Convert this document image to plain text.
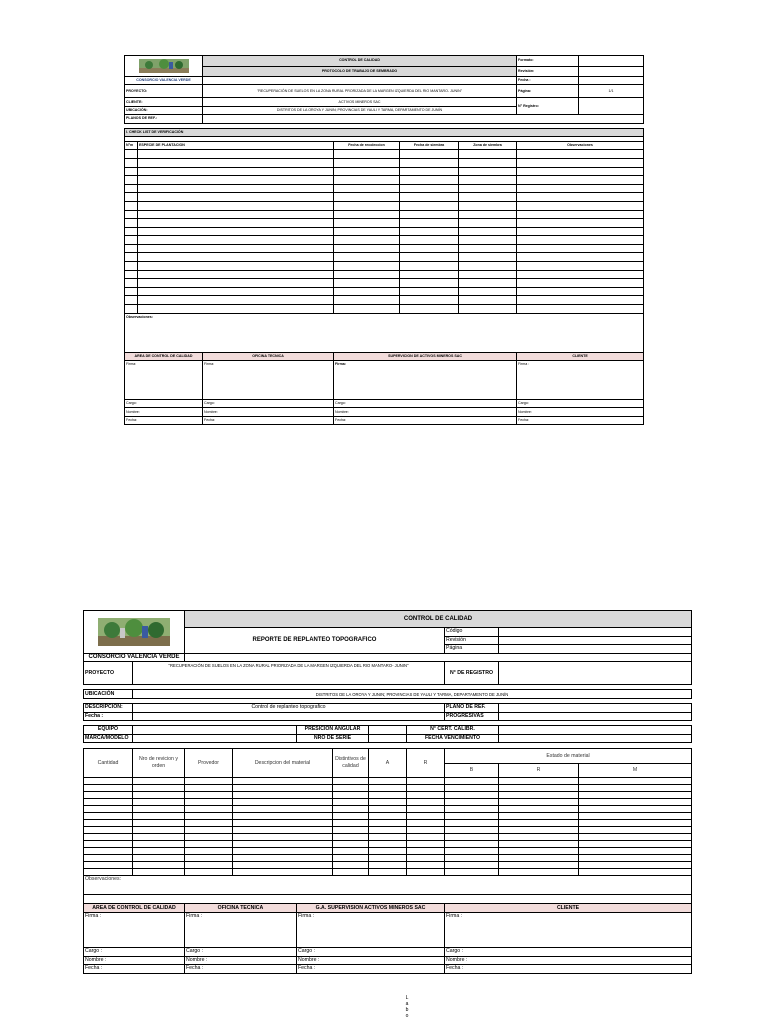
	CONTROL DE CALIDAD				Formato:	
		PROTOCOLO DE TRABAJO DE SEMBRADO				Revisión:	
CONSORCIO VALENCIA VERDE						Fecha :	
PROYECTO:		"RECUPERACIÓN DE SUELOS EN LA ZONA RURAL PRORIZADA DE LA MARGEN IZQUIERDA DEL RIO MANTARO- JUNIN"				Página:	1/1
CLIENTE:		ACTIVOS MINEROS SAC				N° Registro:	
UBICACIÓN:		DISTRITOS DE LA OROYA Y JUNIN; PROVINCIAS DE YAULI Y TARMA, DEPARTAMENTO DE JUNÍN					
PLANOS DE REF.:							

I. CHECK LIST DE VERIFICACIÓN							

N°m	ESPECIE DE PLANTACION		Fecha de recoleccion	Fecha de siembra	Zona de siembra	Observaciones	

Observaciones:							
AREA DE CONTROL DE CALIDAD		OFICINA TECNICA	SUPERVICION DE ACTIVOS MINEROS SAC			CLIENTE	
Firma:		Firma:	Firma:			Firma :	
Cargo:		Cargo:	Cargo:			Cargo:	
Nombre:		Nombre:	Nombre:			Nombre:	
Fecha:		Fecha:	Fecha:			Fecha:	
	CONTROL DE CALIDAD								
		REPORTE DE REPLANTEO TOPOGRAFICO						Código		
								Revisión		
								Página		
CONSORCIO VALENCIA VERDE										
PROYECTO	"RECUPERACIÓN DE SUELOS EN LA ZONA RURAL PRIORIZADA DE LA MARGEN IZQUIERDA DEL RIO MANTARO- JUNIN"							N° DE REGISTRO		

UBICACIÓN	DISTRITOS DE LA OROYA Y JUNIN; PROVINCIAS DE YAULI Y TARMA, DEPARTAMENTO DE JUNÍN									

DESCRIPCIÓN:	Control de replanteo topografico							PLANO DE REF.		
Fecha :								PROGRESIVAS		

EQUIPO				PRESICION ANGULAR			N° CERT. CALIBR.			
MARCA/MODELO				NRO DE SERIE			FECHA VENCIMIENTO			

Cantidad	Nro de revicion y orden	Provedor	Descripcion del material		Distintivos de calidad	A	R	Estado de material		
								B	R	M

Observaciones:										

AREA DE CONTROL DE CALIDAD		OFICINA TECNICA		G.A. SUPERVISION ACTIVOS MINEROS SAC				CLIENTE		
Firma :		Firma :		Firma :				Firma :		
Cargo :		Cargo :		Cargo :				Cargo :		
Nombre :		Nombre :		Nombre :				Nombre :		
Fecha :		Fecha :		Fecha :				Fecha :		
L
a
b
o
